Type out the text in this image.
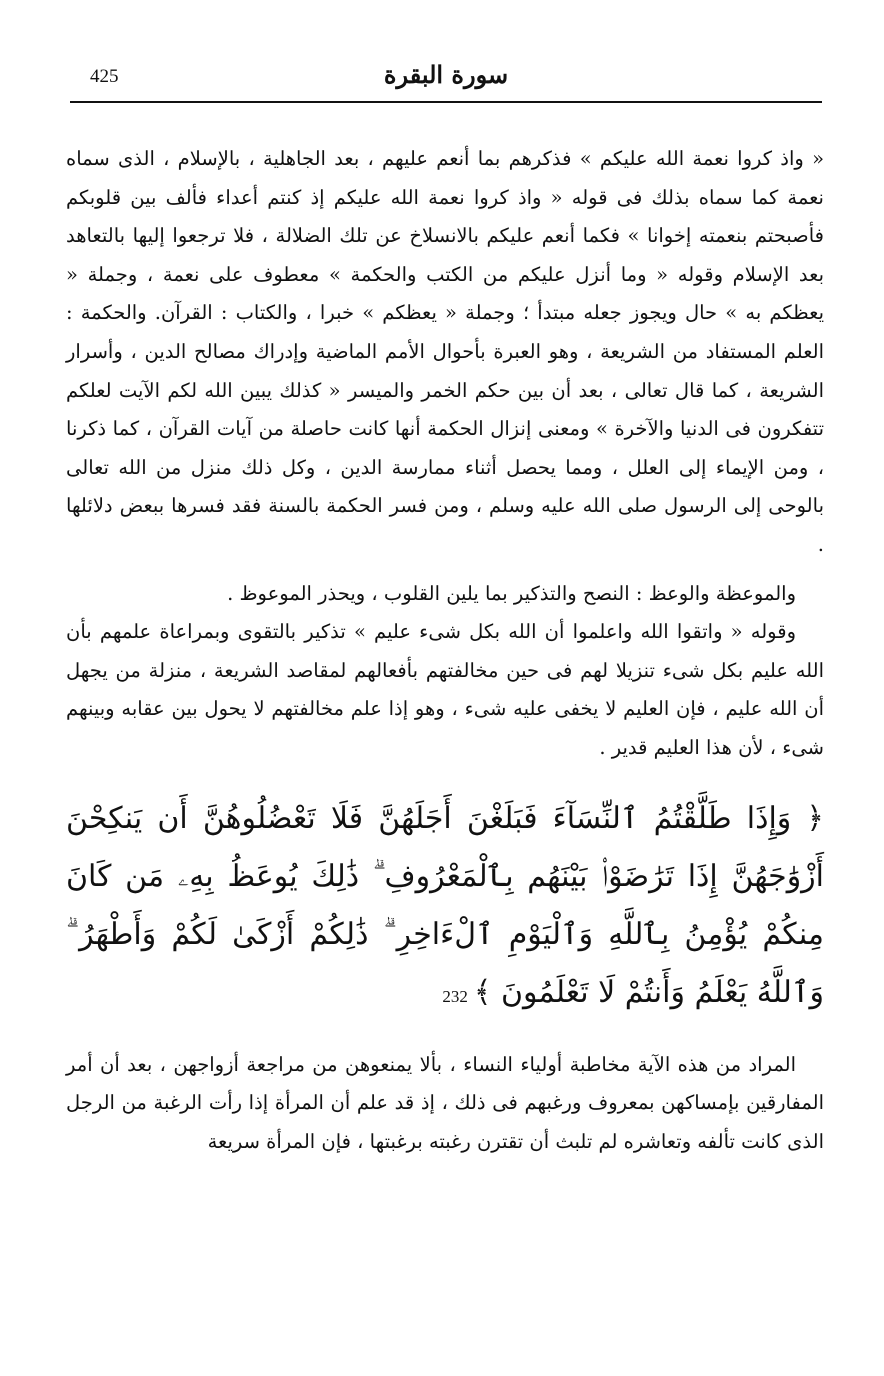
425	سورة البقرة

« واذ كروا نعمة الله عليكم » فذكرهم بما أنعم عليهم ، بعد الجاهلية ، بالإسلام ، الذى سماه نعمة كما سماه بذلك فى قوله « واذ كروا نعمة الله عليكم إذ كنتم أعداء فألف بين قلوبكم فأصبحتم بنعمته إخوانا » فكما أنعم عليكم بالانسلاخ عن تلك الضلالة ، فلا ترجعوا إليها بالتعاهد بعد الإسلام وقوله « وما أنزل عليكم من الكتب والحكمة » معطوف على نعمة ، وجملة « يعظكم به » حال ويجوز جعله مبتدأ ؛ وجملة « يعظكم » خبرا ، والكتاب : القرآن. والحكمة : العلم المستفاد من الشريعة ، وهو العبرة بأحوال الأمم الماضية وإدراك مصالح الدين ، وأسرار الشريعة ، كما قال تعالى ، بعد أن بين حكم الخمر والميسر « كذلك يبين الله لكم الآيت لعلكم تتفكرون فى الدنيا والآخرة » ومعنى إنزال الحكمة أنها كانت حاصلة من آيات القرآن ، كما ذكرنا ، ومن الإيماء إلى العلل ، ومما يحصل أثناء ممارسة الدين ، وكل ذلك منزل من الله تعالى بالوحى إلى الرسول صلى الله عليه وسلم ، ومن فسر الحكمة بالسنة فقد فسرها ببعض دلائلها .

والموعظة والوعظ : النصح والتذكير بما يلين القلوب ، ويحذر الموعوظ .

وقوله « واتقوا الله واعلموا أن الله بكل شىء عليم » تذكير بالتقوى وبمراعاة علمهم بأن الله عليم بكل شىء تنزيلا لهم فى حين مخالفتهم بأفعالهم لمقاصد الشريعة ، منزلة من يجهل أن الله عليم ، فإن العليم لا يخفى عليه شىء ، وهو إذا علم مخالفتهم لا يحول بين عقابه وبينهم شىء ، لأن هذا العليم قدير .

﴿ وَإِذَا طَلَّقْتُمُ ٱلنِّسَآءَ فَبَلَغْنَ أَجَلَهُنَّ فَلَا تَعْضُلُوهُنَّ أَن يَنكِحْنَ أَزْوَٰجَهُنَّ إِذَا تَرَٰضَوْا۟ بَيْنَهُم بِٱلْمَعْرُوفِ ۗ ذَٰلِكَ يُوعَظُ بِهِۦ مَن كَانَ مِنكُمْ يُؤْمِنُ بِٱللَّهِ وَٱلْيَوْمِ ٱلْءَاخِرِ ۗ ذَٰلِكُمْ أَزْكَىٰ لَكُمْ وَأَطْهَرُ ۗ وَٱللَّهُ يَعْلَمُ وَأَنتُمْ لَا تَعْلَمُونَ ﴾232

المراد من هذه الآية مخاطبة أولياء النساء ، بألا يمنعوهن من مراجعة أزواجهن ، بعد أن أمر المفارقين بإمساكهن بمعروف ورغبهم فى ذلك ، إذ قد علم أن المرأة إذا رأت الرغبة من الرجل الذى كانت تألفه وتعاشره لم تلبث أن تقترن رغبته برغبتها ، فإن المرأة سريعة
